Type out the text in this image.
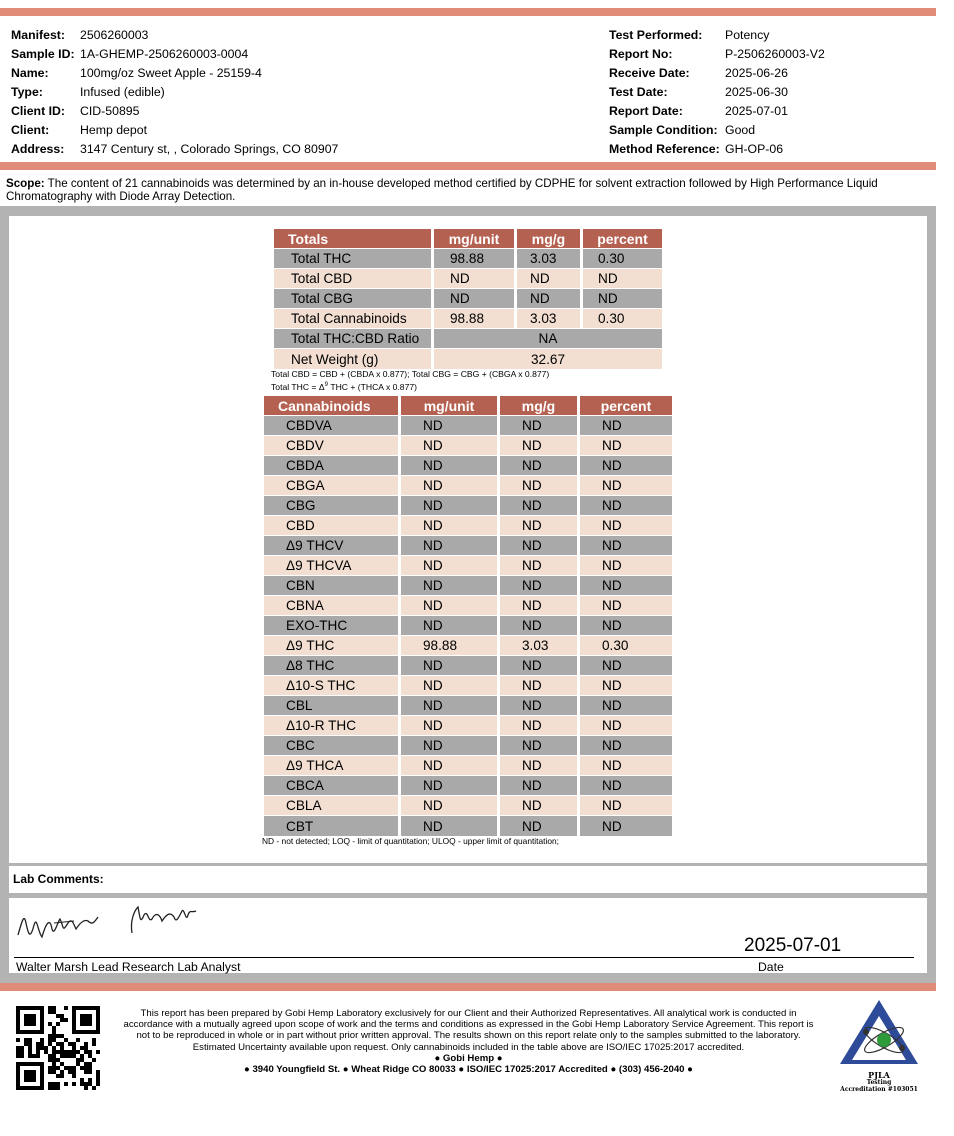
Manifest:	2506260003
Sample ID: 1A-GHEMP-2506260003-0004
Name:	100mg/oz Sweet Apple - 25159-4
Type:	Infused (edible)
Client ID:	CID-50895
Client:	Hemp depot
Address:	3147 Century st, , Colorado Springs, CO 80907
Test Performed:	Potency
Report No:	P-2506260003-V2
Receive Date:	2025-06-26
Test Date:	2025-06-30
Report Date:	2025-07-01
Sample Condition: Good
Method Reference: GH-OP-06
Scope: The content of 21 cannabinoids was determined by an in-house developed method certified by CDPHE for solvent extraction followed by High Performance Liquid Chromatography with Diode Array Detection.
Lab Comments:
Totals	mg/unit	mg/g	percent
Total THC	98.88	3.03	0.30
Total CBD	ND	ND	ND
Total CBG	ND	ND	ND
Total Cannabinoids	98.88	3.03	0.30
Total THC:CBD Ratio	NA		
Net Weight (g)	32.67		
Total CBD = CBD + (CBDA x 0.877); Total CBG = CBG + (CBGA x 0.877)
Total THC = $\Delta^9$ THC + (THCA x 0.877)
Cannabinoids	mg/unit	mg/g	percent
CBDVA	ND	ND	ND
CBDV	ND	ND	ND
CBDA	ND	ND	ND
CBGA	ND	ND	ND
CBG	ND	ND	ND
CBD	ND	ND	ND
Δ9 THCV	ND	ND	ND
Δ9 THCVA	ND	ND	ND
CBN	ND	ND	ND
CBNA	ND	ND	ND
EXO-THC	ND	ND	ND
Δ9 THC	98.88	3.03	0.30
Δ8 THC	ND	ND	ND
Δ10-S THC	ND	ND	ND
CBL	ND	ND	ND
Δ10-R THC	ND	ND	ND
CBC	ND	ND	ND
Δ9 THCA	ND	ND	ND
CBCA	ND	ND	ND
CBLA	ND	ND	ND
CBT	ND	ND	ND
ND - not detected; LOQ - limit of quantitation; ULOQ - upper limit of quantitation;
Walter Marsh Lead Research Lab Analyst
2025-07-01
Date
This report has been prepared by Gobi Hemp Laboratory exclusively for our Client and their Authorized Representatives. All analytical work is conducted in accordance with a mutually agreed upon scope of work and the terms and conditions as expressed in the Gobi Hemp Laboratory Service Agreement. This report is not to be reproduced in whole or in part without prior written approval. The results shown on this report relate only to the samples submitted to the laboratory. Estimated Uncertainty available upon request. Only cannabinoids included in the table above are ISO/IEC 17025:2017 accredited.
● Gobi Hemp ●
● 3940 Youngfield St. ● Wheat Ridge CO 80033 ● ISO/IEC 17025:2017 Accredited ● (303) 456-2040 ●	PJLA
Testing
Accreditation #103051
